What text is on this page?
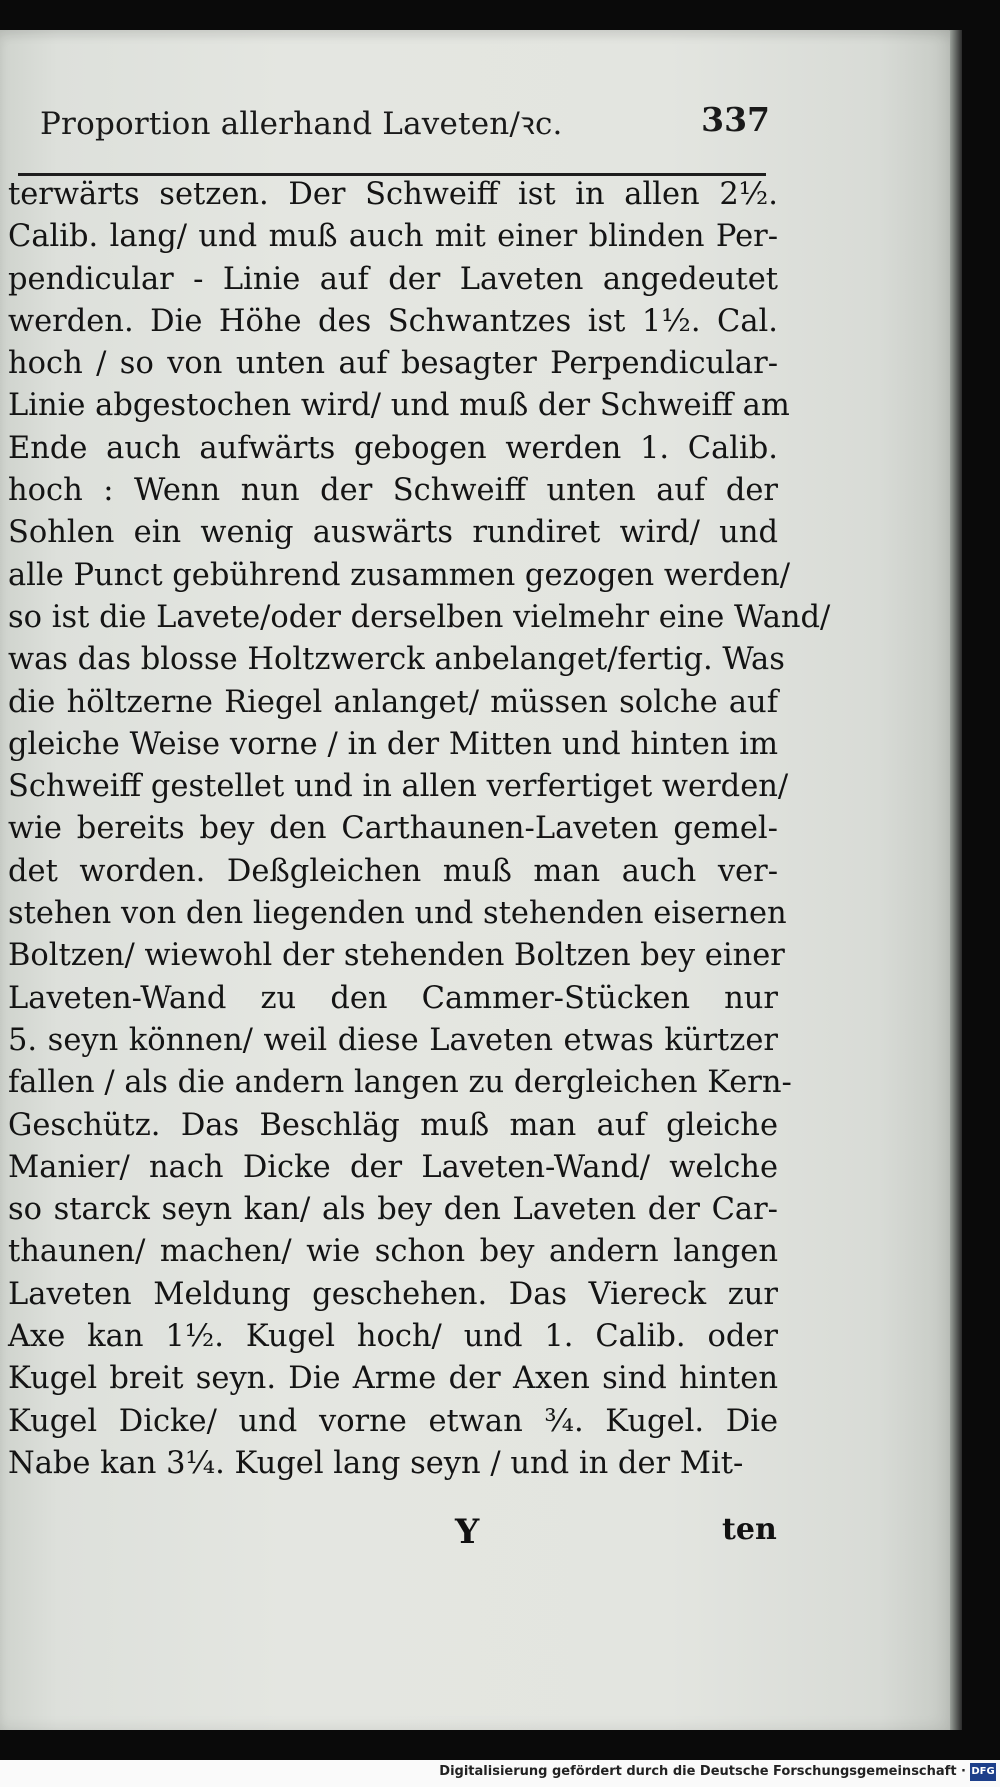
Proportion allerhand Laveten/ꝛc.	337
terwärts setzen. Der Schweiff ist in allen 2½.
Calib. lang/ und muß auch mit einer blinden Per-
pendicular - Linie auf der Laveten angedeutet
werden. Die Höhe des Schwantzes ist 1½. Cal.
hoch / so von unten auf besagter Perpendicular-
Linie abgestochen wird/ und muß der Schweiff am
Ende auch aufwärts gebogen werden 1. Calib.
hoch : Wenn nun der Schweiff unten auf der
Sohlen ein wenig auswärts rundiret wird/ und
alle Punct gebührend zusammen gezogen werden/
so ist die Lavete/oder derselben vielmehr eine Wand/
was das blosse Holtzwerck anbelanget/fertig. Was
die höltzerne Riegel anlanget/ müssen solche auf
gleiche Weise vorne / in der Mitten und hinten im
Schweiff gestellet und in allen verfertiget werden/
wie bereits bey den Carthaunen-Laveten gemel-
det worden. Deßgleichen muß man auch ver-
stehen von den liegenden und stehenden eisernen
Boltzen/ wiewohl der stehenden Boltzen bey einer
Laveten-Wand zu den Cammer-Stücken nur
5. seyn können/ weil diese Laveten etwas kürtzer
fallen / als die andern langen zu dergleichen Kern-
Geschütz. Das Beschläg muß man auf gleiche
Manier/ nach Dicke der Laveten-Wand/ welche
so starck seyn kan/ als bey den Laveten der Car-
thaunen/ machen/ wie schon bey andern langen
Laveten Meldung geschehen. Das Viereck zur
Axe kan 1½. Kugel hoch/ und 1. Calib. oder
Kugel breit seyn. Die Arme der Axen sind hinten
Kugel Dicke/ und vorne etwan ¾. Kugel. Die
Nabe kan 3¼. Kugel lang seyn / und in der Mit-
Y	ten
Digitalisierung gefördert durch die Deutsche Forschungsgemeinschaft · DFG
